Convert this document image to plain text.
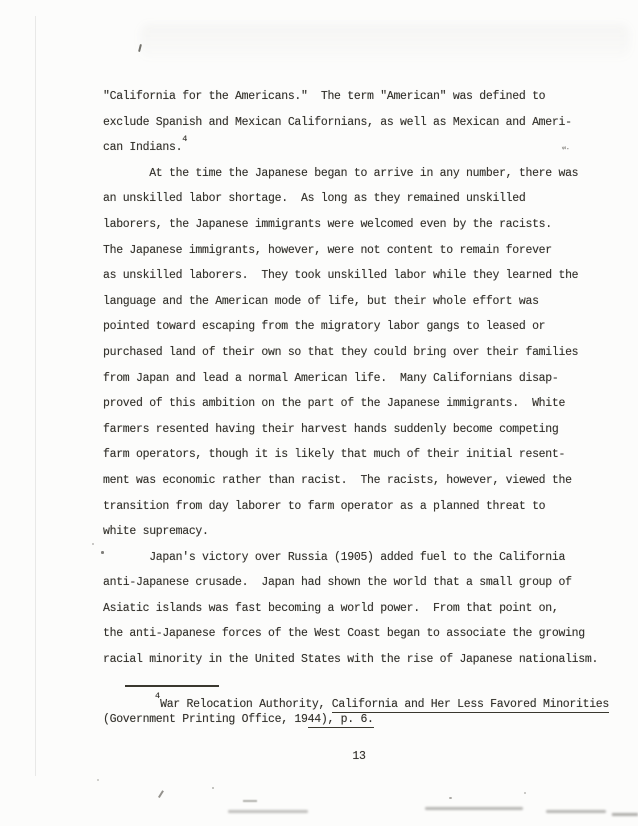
"California for the Americans."  The term "American" was defined to
exclude Spanish and Mexican Californians, as well as Mexican and Ameri-
can Indians.$^4$
At the time the Japanese began to arrive in any number, there was
an unskilled labor shortage.  As long as they remained unskilled
laborers, the Japanese immigrants were welcomed even by the racists.
The Japanese immigrants, however, were not content to remain forever
as unskilled laborers.  They took unskilled labor while they learned the
language and the American mode of life, but their whole effort was
pointed toward escaping from the migratory labor gangs to leased or
purchased land of their own so that they could bring over their families
from Japan and lead a normal American life.  Many Californians disap-
proved of this ambition on the part of the Japanese immigrants.  White
farmers resented having their harvest hands suddenly become competing
farm operators, though it is likely that much of their initial resent-
ment was economic rather than racist.  The racists, however, viewed the
transition from day laborer to farm operator as a planned threat to
white supremacy.
Japan's victory over Russia (1905) added fuel to the California
anti-Japanese crusade.  Japan had shown the world that a small group of
Asiatic islands was fast becoming a world power.  From that point on,
the anti-Japanese forces of the West Coast began to associate the growing
racial minority in the United States with the rise of Japanese nationalism.
$^4$War Relocation Authority, California and Her Less Favored Minorities
(Government Printing Office, 1944), p. 6.
13
ʷ·
